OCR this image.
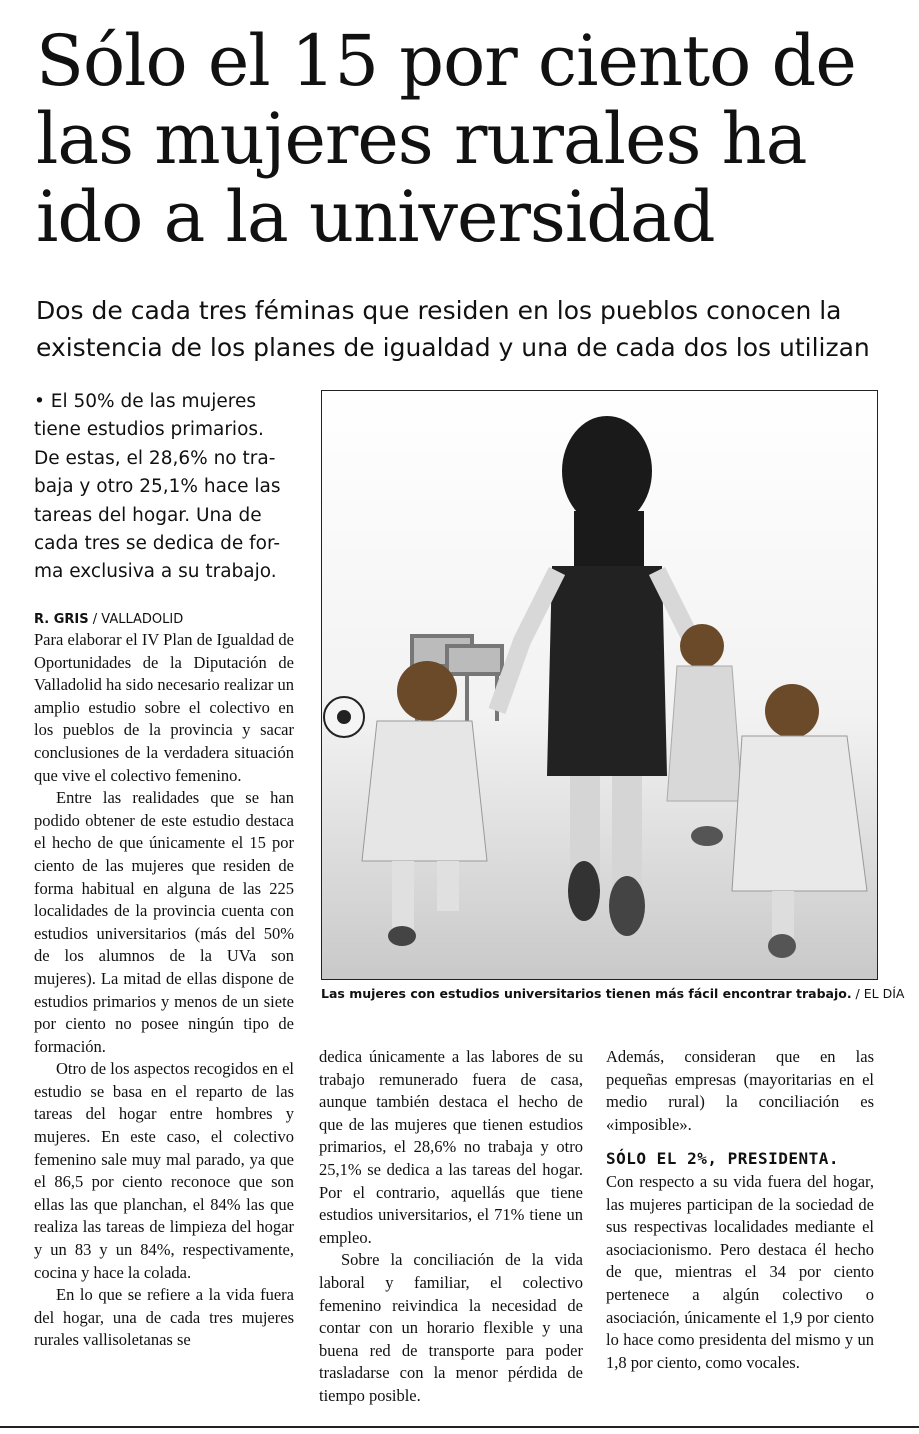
Sólo el 15 por ciento de
las mujeres rurales ha
ido a la universidad
Dos de cada tres féminas que residen en los pueblos conocen la
existencia de los planes de igualdad y una de cada dos los utilizan
• El 50% de las mujeres
tiene estudios primarios.
De estas, el 28,6% no tra-
baja y otro 25,1% hace las
tareas del hogar. Una de
cada tres se dedica de for-
ma exclusiva a su trabajo.
R. GRIS / VALLADOLID

Para elaborar el IV Plan de Igualdad de Oportunidades de la Diputación de Valladolid ha sido necesario realizar un amplio estudio sobre el colectivo en los pueblos de la provincia y sacar conclusiones de la verdadera situación que vive el colectivo femenino.

Entre las realidades que se han podido obtener de este estudio destaca el hecho de que únicamente el 15 por ciento de las mujeres que residen de forma habitual en alguna de las 225 localidades de la provincia cuenta con estudios universitarios (más del 50% de los alumnos de la UVa son mujeres). La mitad de ellas dispone de estudios primarios y menos de un siete por ciento no posee ningún tipo de formación.

Otro de los aspectos recogidos en el estudio se basa en el reparto de las tareas del hogar entre hombres y mujeres. En este caso, el colectivo femenino sale muy mal parado, ya que el 86,5 por ciento reconoce que son ellas las que planchan, el 84% las que realiza las tareas de limpieza del hogar y un 83 y un 84%, respectivamente, cocina y hace la colada.

En lo que se refiere a la vida fuera del hogar, una de cada tres mujeres rurales vallisoletanas se

Las mujeres con estudios universitarios tienen más fácil encontrar trabajo. / EL DÍA

dedica únicamente a las labores de su trabajo remunerado fuera de casa, aunque también destaca el hecho de que de las mujeres que tienen estudios primarios, el 28,6% no trabaja y otro 25,1% se dedica a las tareas del hogar. Por el contrario, aquellás que tiene estudios universitarios, el 71% tiene un empleo.

Sobre la conciliación de la vida laboral y familiar, el colectivo femenino reivindica la necesidad de contar con un horario flexible y una buena red de transporte para poder trasladarse con la menor pérdida de tiempo posible.

Además, consideran que en las pequeñas empresas (mayoritarias en el medio rural) la conciliación es «imposible».

SÓLO EL 2%, PRESIDENTA.

Con respecto a su vida fuera del hogar, las mujeres participan de la sociedad de sus respectivas localidades mediante el asociacionismo. Pero destaca él hecho de que, mientras el 34 por ciento pertenece a algún colectivo o asociación, únicamente el 1,9 por ciento lo hace como presidenta del mismo y un 1,8 por ciento, como vocales.
